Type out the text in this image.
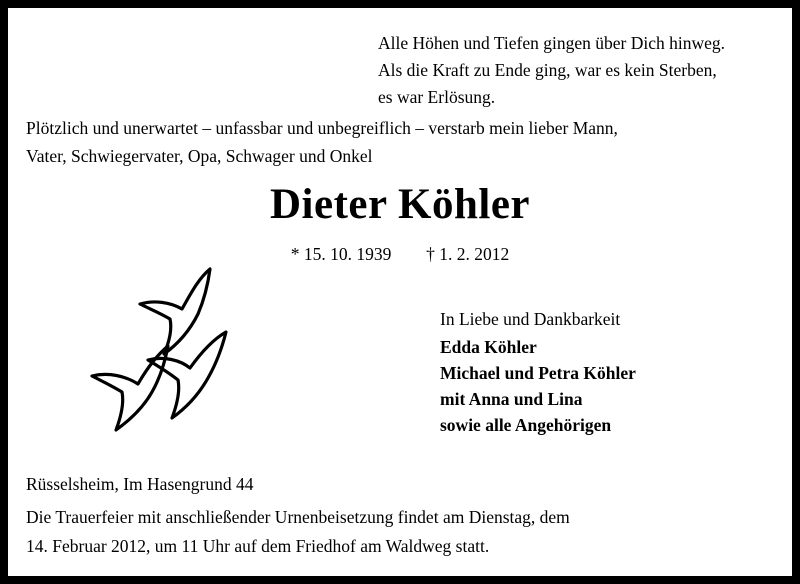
Alle Höhen und Tiefen gingen über Dich hinweg.
Als die Kraft zu Ende ging, war es kein Sterben,
es war Erlösung.
Plötzlich und unerwartet – unfassbar und unbegreiflich – verstarb mein lieber Mann,
Vater, Schwiegervater, Opa, Schwager und Onkel
Dieter Köhler
* 15. 10. 1939 † 1. 2. 2012
In Liebe und Dankbarkeit
Edda Köhler
Michael und Petra Köhler
mit Anna und Lina
sowie alle Angehörigen
Rüsselsheim, Im Hasengrund 44
Die Trauerfeier mit anschließender Urnenbeisetzung findet am Dienstag, dem
14. Februar 2012, um 11 Uhr auf dem Friedhof am Waldweg statt.
